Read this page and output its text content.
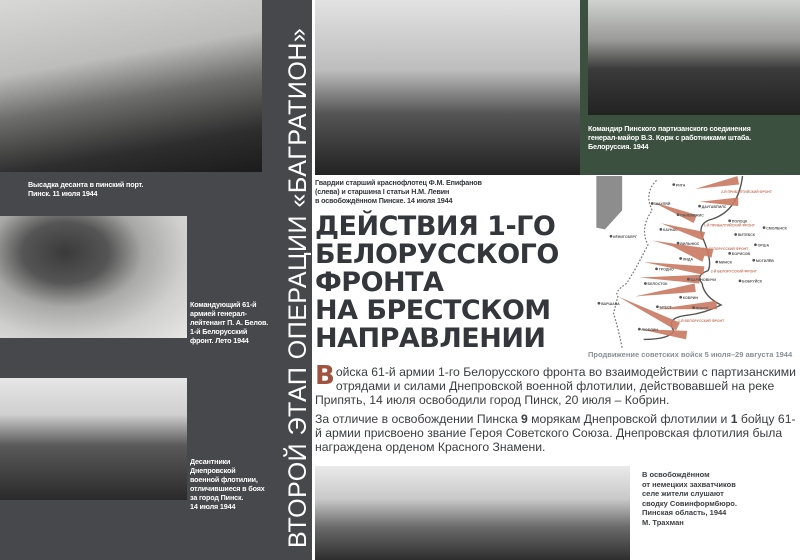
Высадка десанта в пинский порт.
Пинск. 11 июля 1944
Командующий 61-й
армией генерал-
лейтенант П. А. Белов.
1-й Белорусский
фронт. Лето 1944
Десантники
Днепровской
военной флотилии,
отличившиеся в боях
за город Пинск.
14 июля 1944	ВТОРОЙ ЭТАП ОПЕРАЦИИ «БАГРАТИОН» Гвардии старший краснофлотец Ф.М. Епифанов
(слева) и старшина I статьи Н.М. Левин
в освобождённом Пинске. 14 июля 1944
Командир Пинского партизанского соединения
генерал-майор В.З. Корж с работниками штаба.
Белоруссия. 1944
ДЕЙСТВИЯ 1-ГО
БЕЛОРУССКОГО
ФРОНТА
НА БРЕСТСКОМ
НАПРАВЛЕНИИ
РИГА
ШАУЛЯЙ
ПАНЕВЕЖИС
ДАУГАВПИЛС
ПОЛОЦК
ВИТЕБСК
СМОЛЕНСК
КЁНИГСБЕРГ
КАУНАС
ВИЛЬНЮС	ОРША
БОРИСОВ
МОГИЛЁВ
МИНСК
ЛИДА
ГРОДНО
БЕЛОСТОК
БАРАНОВИЧИ	БОБРУЙСК
ВАРШАВА
КОБРИН
БРЕСТ	ПИНСК
ЛЮБЛИН
2-Й ПРИБАЛТИЙСКИЙ ФРОНТ
1-Й ПРИБАЛТИЙСКИЙ ФРОНТ
3-Й БЕЛОРУССКИЙ ФРОНТ
2-Й БЕЛОРУССКИЙ ФРОНТ
1-Й БЕЛОРУССКИЙ ФРОНТ
Продвижение советских войск 5 июля–29 августа 1944

Войска 61-й армии 1-го Белорусского фронта во взаимодействии с партизанскими отрядами и силами Днепровской военной флотилии, действовавшей на реке Припять, 14 июля освободили город Пинск, 20 июля – Кобрин.

За отличие в освобождении Пинска 9 морякам Днепровской флотилии и 1 бойцу 61-й армии присвоено звание Героя Советского Союза. Днепровская флотилия была награждена орденом Красного Знамени.

В освобождённом
от немецких захватчиков
селе жители слушают
сводку Совинформбюро.
Пинская область, 1944
М. Трахман
